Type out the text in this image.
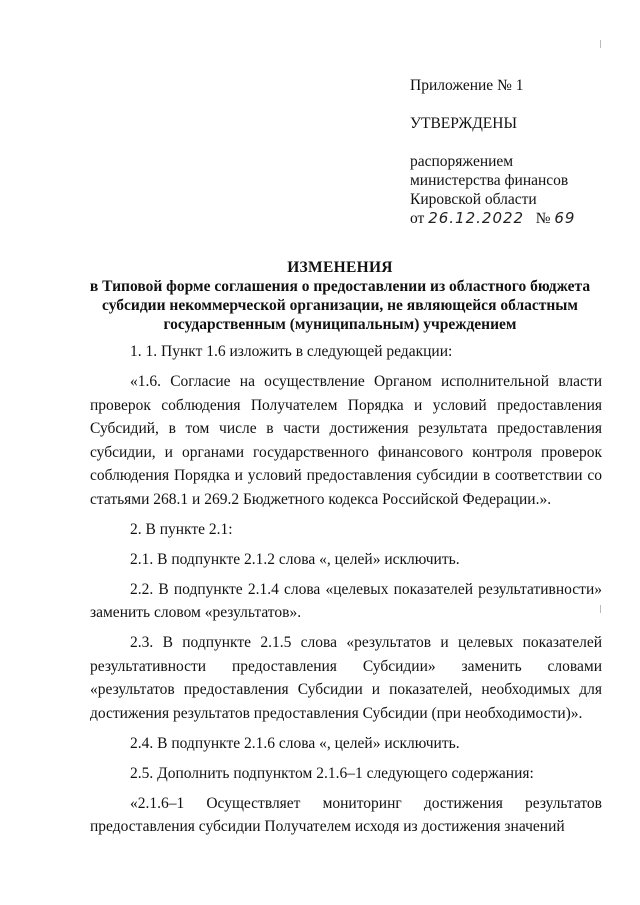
Приложение № 1
УТВЕРЖДЕНЫ
распоряжением
министерства финансов
Кировской области
от 26.12.2022 № 69
ИЗМЕНЕНИЯ
в Типовой форме соглашения о предоставлении из областного бюджета субсидии некоммерческой организации, не являющейся областным государственным (муниципальным) учреждением

1. 1. Пункт 1.6 изложить в следующей редакции:

«1.6. Согласие на осуществление Органом исполнительной власти проверок соблюдения Получателем Порядка и условий предоставления Субсидий, в том числе в части достижения результата предоставления субсидии, и органами государственного финансового контроля проверок соблюдения Порядка и условий предоставления субсидии в соответствии со статьями 268.1 и 269.2 Бюджетного кодекса Российской Федерации.».

2. В пункте 2.1:

2.1. В подпункте 2.1.2 слова «, целей» исключить.

2.2. В подпункте 2.1.4 слова «целевых показателей результативности» заменить словом «результатов».

2.3. В подпункте 2.1.5 слова «результатов и целевых показателей результативности предоставления Субсидии» заменить словами «результатов предоставления Субсидии и показателей, необходимых для достижения результатов предоставления Субсидии (при необходимости)».

2.4. В подпункте 2.1.6 слова «, целей» исключить.

2.5. Дополнить подпунктом 2.1.6–1 следующего содержания:

«2.1.6–1 Осуществляет мониторинг достижения результатов предоставления субсидии Получателем исходя из достижения значений
